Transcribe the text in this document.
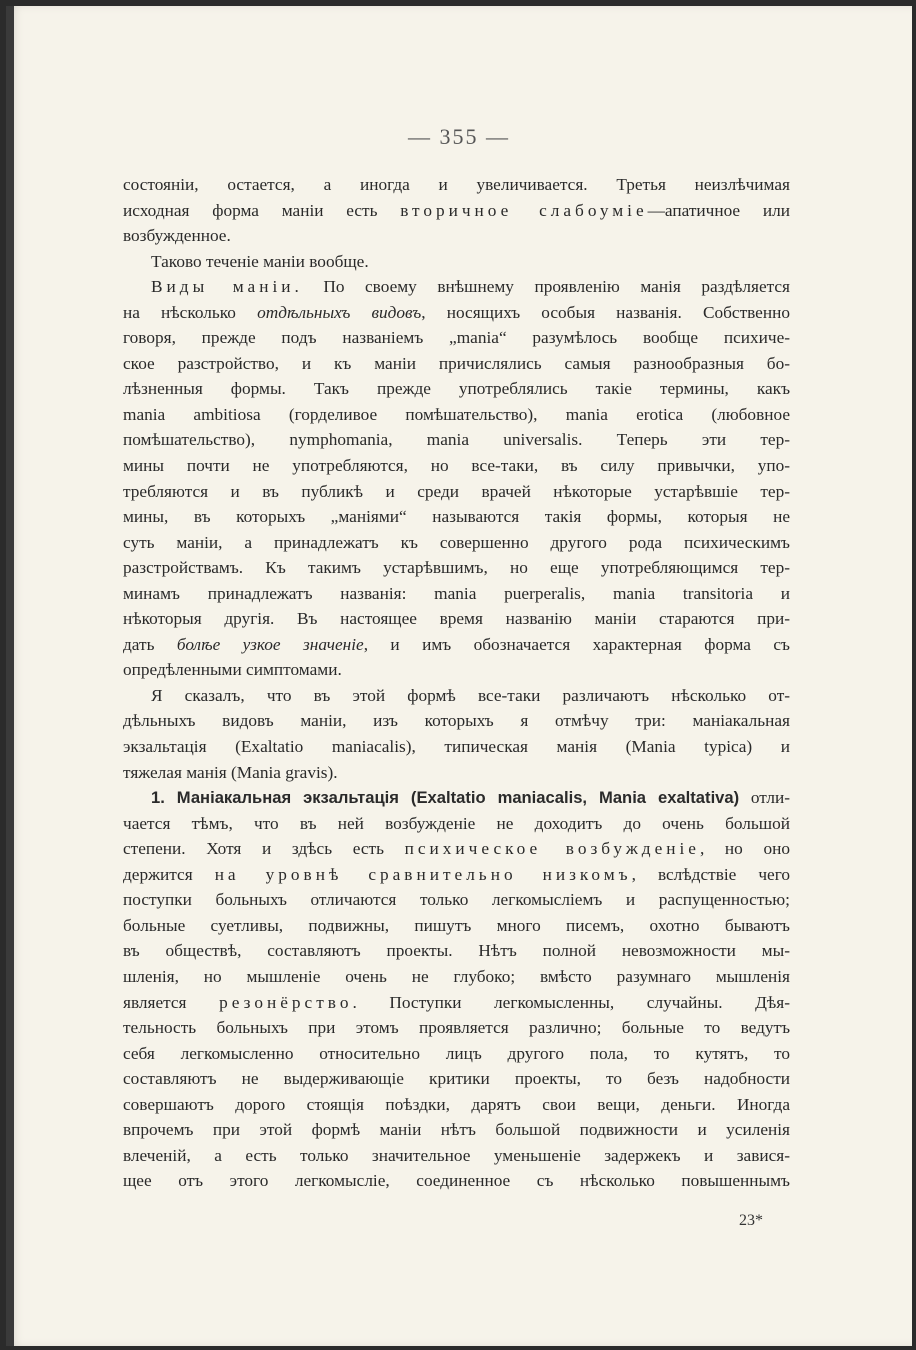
— 355 —

состоянiи, остается, а иногда и увеличивается. Третья неизлѣчимая

исходная форма манiи есть вторичное слабоумiе—апатичное или

возбужденное.

Таково теченiе манiи вообще.

Виды манiи. По своему внѣшнему проявленiю манiя раздѣляется

на нѣсколько отдѣльныхъ видовъ, носящихъ особыя названiя. Собственно

говоря, прежде подъ названiемъ „mania“ разумѣлось вообще психиче-

ское разстройство, и къ манiи причислялись самыя разнообразныя бо-

лѣзненныя формы. Такъ прежде употреблялись такiе термины, какъ

mania ambitiosa (горделивое помѣшательство), mania erotica (любовное

помѣшательство), nymphomania, mania universalis. Теперь эти тер-

мины почти не употребляются, но все-таки, въ силу привычки, упо-

требляются и въ публикѣ и среди врачей нѣкоторые устарѣвшiе тер-

мины, въ которыхъ „манiями“ называются такiя формы, которыя не

суть манiи, а принадлежатъ къ совершенно другого рода психическимъ

разстройствамъ. Къ такимъ устарѣвшимъ, но еще употребляющимся тер-

минамъ принадлежатъ названiя: mania puerperalis, mania transitoria и

нѣкоторыя другiя. Въ настоящее время названiю манiи стараются при-

дать болѣе узкое значенiе, и имъ обозначается характерная форма съ

опредѣленными симптомами.

Я сказалъ, что въ этой формѣ все-таки различаютъ нѣсколько от-

дѣльныхъ видовъ манiи, изъ которыхъ я отмѣчу три: манiакальная

экзальтацiя (Exaltatio maniacalis), типическая манiя (Mania typica) и

тяжелая манiя (Mania gravis).

1. Манiакальная экзальтацiя (Exaltatio maniacalis, Mania exaltativa) отли-

чается тѣмъ, что въ ней возбужденiе не доходитъ до очень большой

степени. Хотя и здѣсь есть психическое возбужденiе, но оно

держится на уровнѣ сравнительно низкомъ, вслѣдствiе чего

поступки больныхъ отличаются только легкомыслiемъ и распущенностью;

больные суетливы, подвижны, пишутъ много писемъ, охотно бываютъ

въ обществѣ, составляютъ проекты. Нѣтъ полной невозможности мы-

шленiя, но мышленiе очень не глубоко; вмѣсто разумнаго мышленiя

является резонёрство. Поступки легкомысленны, случайны. Дѣя-

тельность больныхъ при этомъ проявляется различно; больные то ведутъ

себя легкомысленно относительно лицъ другого пола, то кутятъ, то

составляютъ не выдерживающiе критики проекты, то безъ надобности

совершаютъ дорого стоящiя поѣздки, дарятъ свои вещи, деньги. Иногда

впрочемъ при этой формѣ манiи нѣтъ большой подвижности и усиленiя

влеченiй, а есть только значительное уменьшенiе задержекъ и завися-

щее отъ этого легкомыслiе, соединенное съ нѣсколько повышеннымъ

23*
